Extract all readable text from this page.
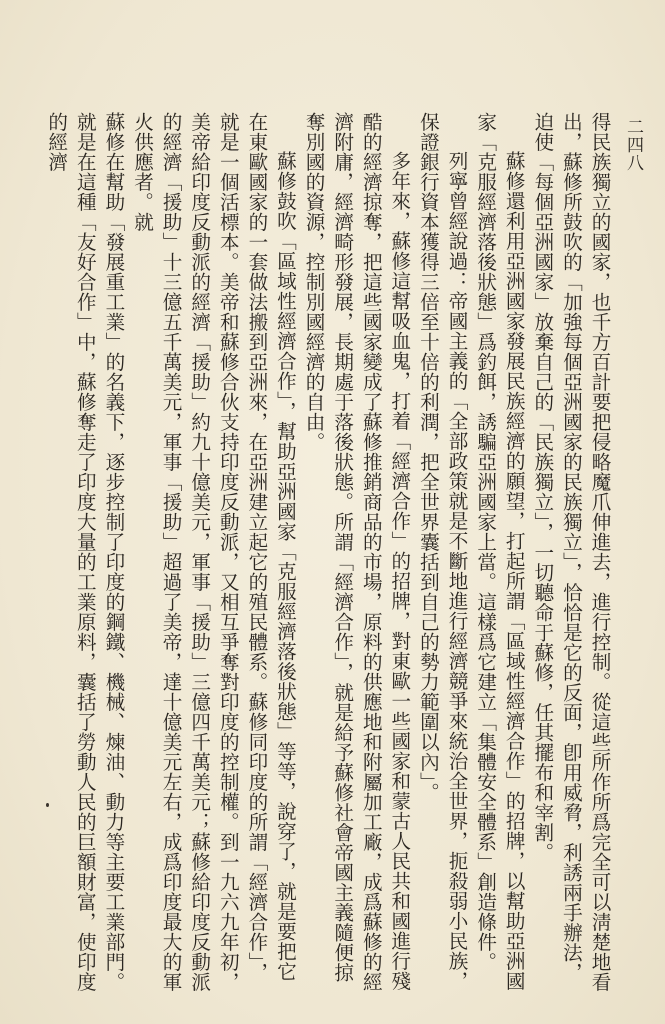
二四八

得民族獨立的國家，也千方百計要把侵略魔爪伸進去，進行控制。從這些所作所爲完全可以淸楚地看出，蘇修所鼓吹的「加強每個亞洲國家的民族獨立」，恰恰是它的反面，卽用威脅，利誘兩手辦法，迫使「每個亞洲國家」放棄自己的「民族獨立」，一切聽命于蘇修，任其擺布和宰割。

蘇修還利用亞洲國家發展民族經濟的願望，打起所謂「區域性經濟合作」的招牌，以幫助亞洲國家「克服經濟落後狀態」爲釣餌，誘騙亞洲國家上當。這樣爲它建立「集體安全體系」創造條件。

列寧曾經說過：帝國主義的「全部政策就是不斷地進行經濟競爭來統治全世界，扼殺弱小民族，保證銀行資本獲得三倍至十倍的利潤，把全世界囊括到自己的勢力範圍以內」。

多年來，蘇修這幫吸血鬼，打着「經濟合作」的招牌，對東歐一些國家和蒙古人民共和國進行殘酷的經濟掠奪，把這些國家變成了蘇修推銷商品的市場，原料的供應地和附屬加工廠，成爲蘇修的經濟附庸，經濟畸形發展，長期處于落後狀態。所謂「經濟合作」，就是給予蘇修社會帝國主義隨便掠奪別國的資源，控制別國經濟的自由。

蘇修鼓吹「區域性經濟合作」，幫助亞洲國家「克服經濟落後狀態」等等，說穿了，就是要把它在東歐國家的一套做法搬到亞洲來，在亞洲建立起它的殖民體系。蘇修同印度的所謂「經濟合作」，就是一個活標本。美帝和蘇修合伙支持印度反動派，又相互爭奪對印度的控制權。到一九六九年初，美帝給印度反動派的經濟「援助」約九十億美元，軍事「援助」三億四千萬美元；蘇修給印度反動派的經濟「援助」十三億五千萬美元，軍事「援助」超過了美帝，達十億美元左右，成爲印度最大的軍火供應者。就

蘇修在幫助「發展重工業」的名義下，逐步控制了印度的鋼鐵、機械、煉油、動力等主要工業部門。就是在這種「友好合作」中，蘇修奪走了印度大量的工業原料，囊括了勞動人民的巨額財富，使印度的經濟
